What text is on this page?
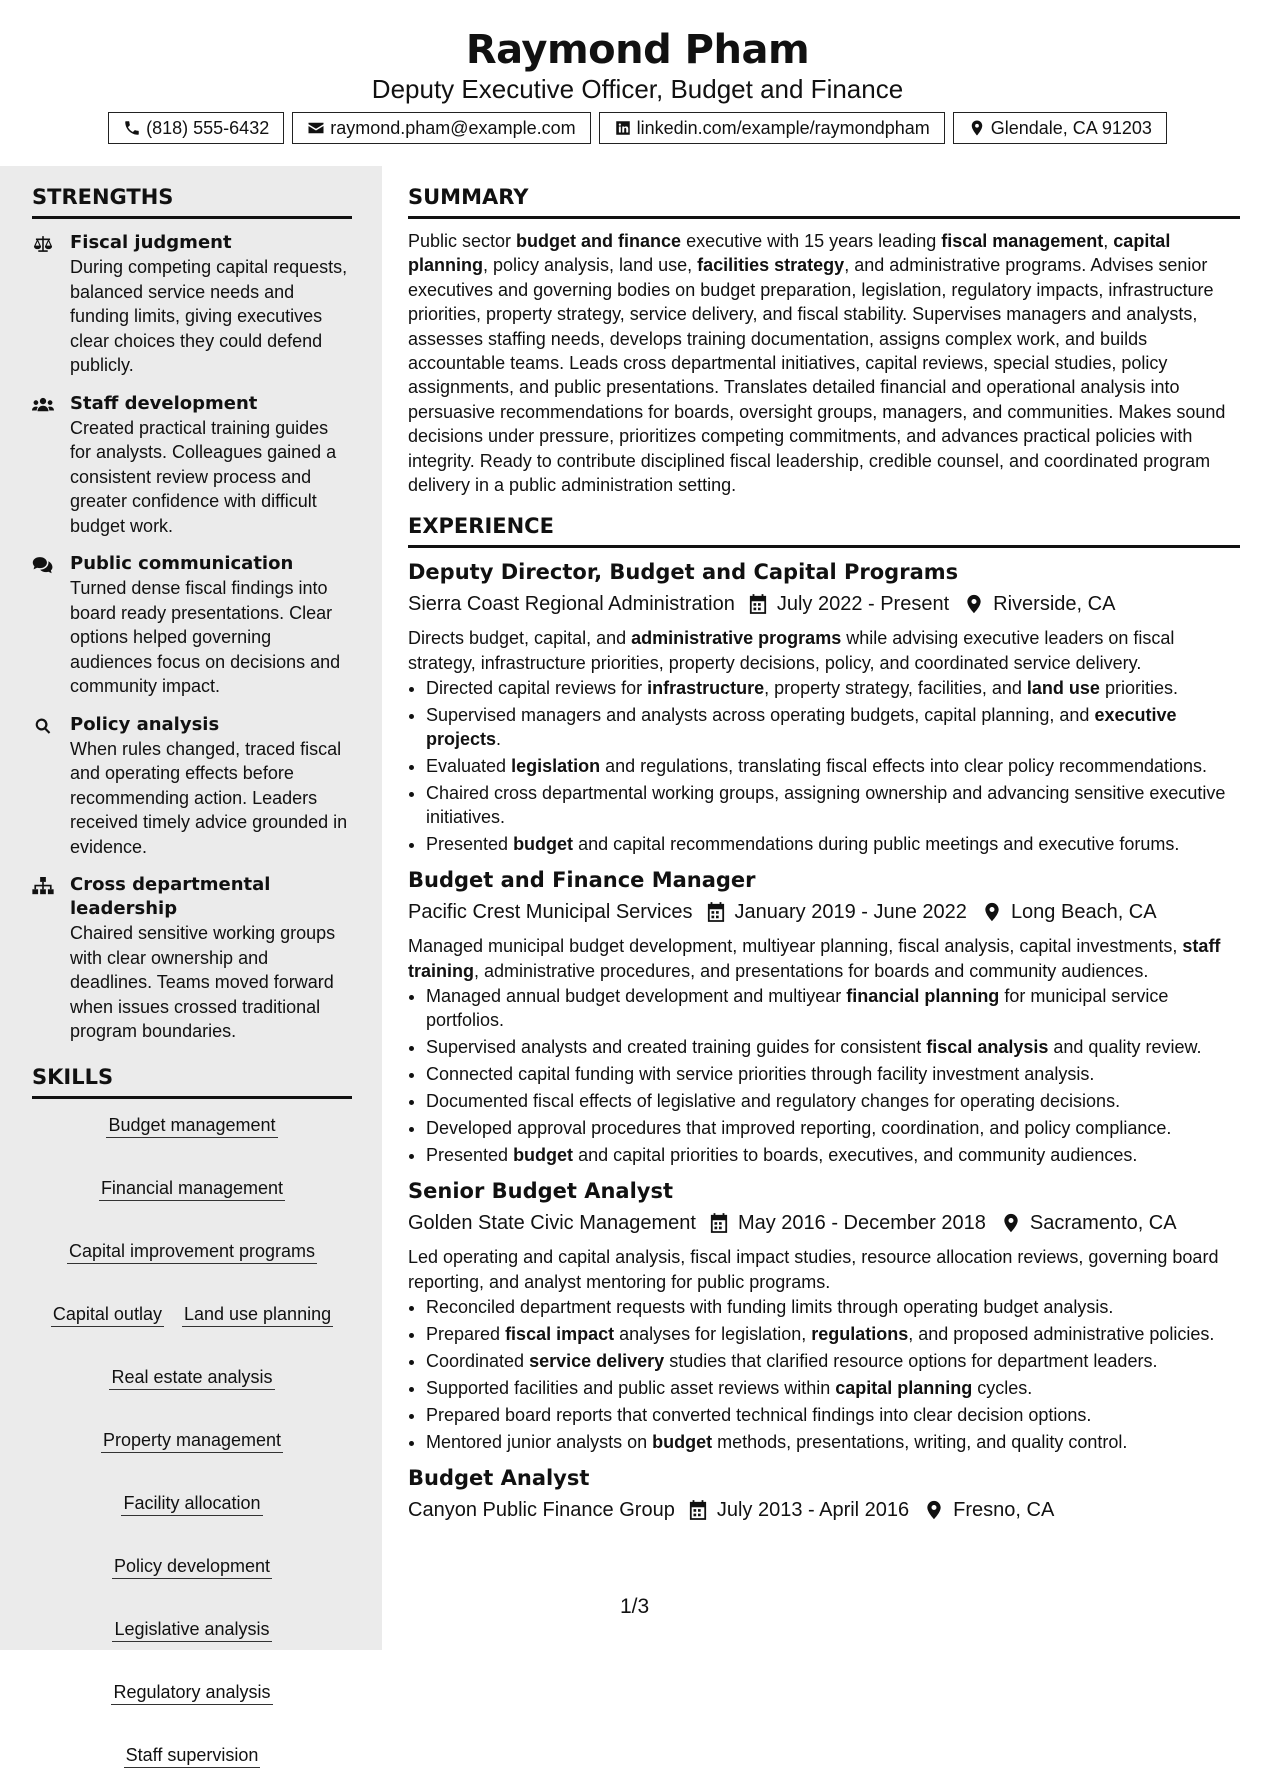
Raymond Pham
Deputy Executive Officer, Budget and Finance
(818) 555-6432	raymond.pham@example.com	linkedin.com/example/raymondpham	Glendale, CA 91203
STRENGTHS
Fiscal judgment
During competing capital requests, balanced service needs and funding limits, giving executives clear choices they could defend publicly.
Staff development
Created practical training guides for analysts. Colleagues gained a consistent review process and greater confidence with difficult budget work.
Public communication
Turned dense fiscal findings into board ready presentations. Clear options helped governing audiences focus on decisions and community impact.
Policy analysis
When rules changed, traced fiscal and operating effects before recommending action. Leaders received timely advice grounded in evidence.
Cross departmental leadership
Chaired sensitive working groups with clear ownership and deadlines. Teams moved forward when issues crossed traditional program boundaries.
SKILLS
Budget management
Financial management
Capital improvement programs
Capital outlay Land use planning
Real estate analysis
Property management
Facility allocation
Policy development
Legislative analysis
Regulatory analysis
Staff supervision
SUMMARY
Public sector budget and finance executive with 15 years leading fiscal management, capital planning, policy analysis, land use, facilities strategy, and administrative programs. Advises senior executives and governing bodies on budget preparation, legislation, regulatory impacts, infrastructure priorities, property strategy, service delivery, and fiscal stability. Supervises managers and analysts, assesses staffing needs, develops training documentation, assigns complex work, and builds accountable teams. Leads cross departmental initiatives, capital reviews, special studies, policy assignments, and public presentations. Translates detailed financial and operational analysis into persuasive recommendations for boards, oversight groups, managers, and communities. Makes sound decisions under pressure, prioritizes competing commitments, and advances practical policies with integrity. Ready to contribute disciplined fiscal leadership, credible counsel, and coordinated program delivery in a public administration setting.
EXPERIENCE
Deputy Director, Budget and Capital Programs
Sierra Coast Regional Administration July 2022 - Present Riverside, CA
Directs budget, capital, and administrative programs while advising executive leaders on fiscal strategy, infrastructure priorities, property decisions, policy, and coordinated service delivery.
• Directed capital reviews for infrastructure, property strategy, facilities, and land use priorities.
• Supervised managers and analysts across operating budgets, capital planning, and executive projects.
• Evaluated legislation and regulations, translating fiscal effects into clear policy recommendations.
• Chaired cross departmental working groups, assigning ownership and advancing sensitive executive initiatives.
• Presented budget and capital recommendations during public meetings and executive forums.
Budget and Finance Manager
Pacific Crest Municipal Services January 2019 - June 2022 Long Beach, CA
Managed municipal budget development, multiyear planning, fiscal analysis, capital investments, staff training, administrative procedures, and presentations for boards and community audiences.
• Managed annual budget development and multiyear financial planning for municipal service portfolios.
• Supervised analysts and created training guides for consistent fiscal analysis and quality review.
• Connected capital funding with service priorities through facility investment analysis.
• Documented fiscal effects of legislative and regulatory changes for operating decisions.
• Developed approval procedures that improved reporting, coordination, and policy compliance.
• Presented budget and capital priorities to boards, executives, and community audiences.
Senior Budget Analyst
Golden State Civic Management May 2016 - December 2018 Sacramento, CA
Led operating and capital analysis, fiscal impact studies, resource allocation reviews, governing board reporting, and analyst mentoring for public programs.
• Reconciled department requests with funding limits through operating budget analysis.
• Prepared fiscal impact analyses for legislation, regulations, and proposed administrative policies.
• Coordinated service delivery studies that clarified resource options for department leaders.
• Supported facilities and public asset reviews within capital planning cycles.
• Prepared board reports that converted technical findings into clear decision options.
• Mentored junior analysts on budget methods, presentations, writing, and quality control.
Budget Analyst
Canyon Public Finance Group July 2013 - April 2016 Fresno, CA
1/3
